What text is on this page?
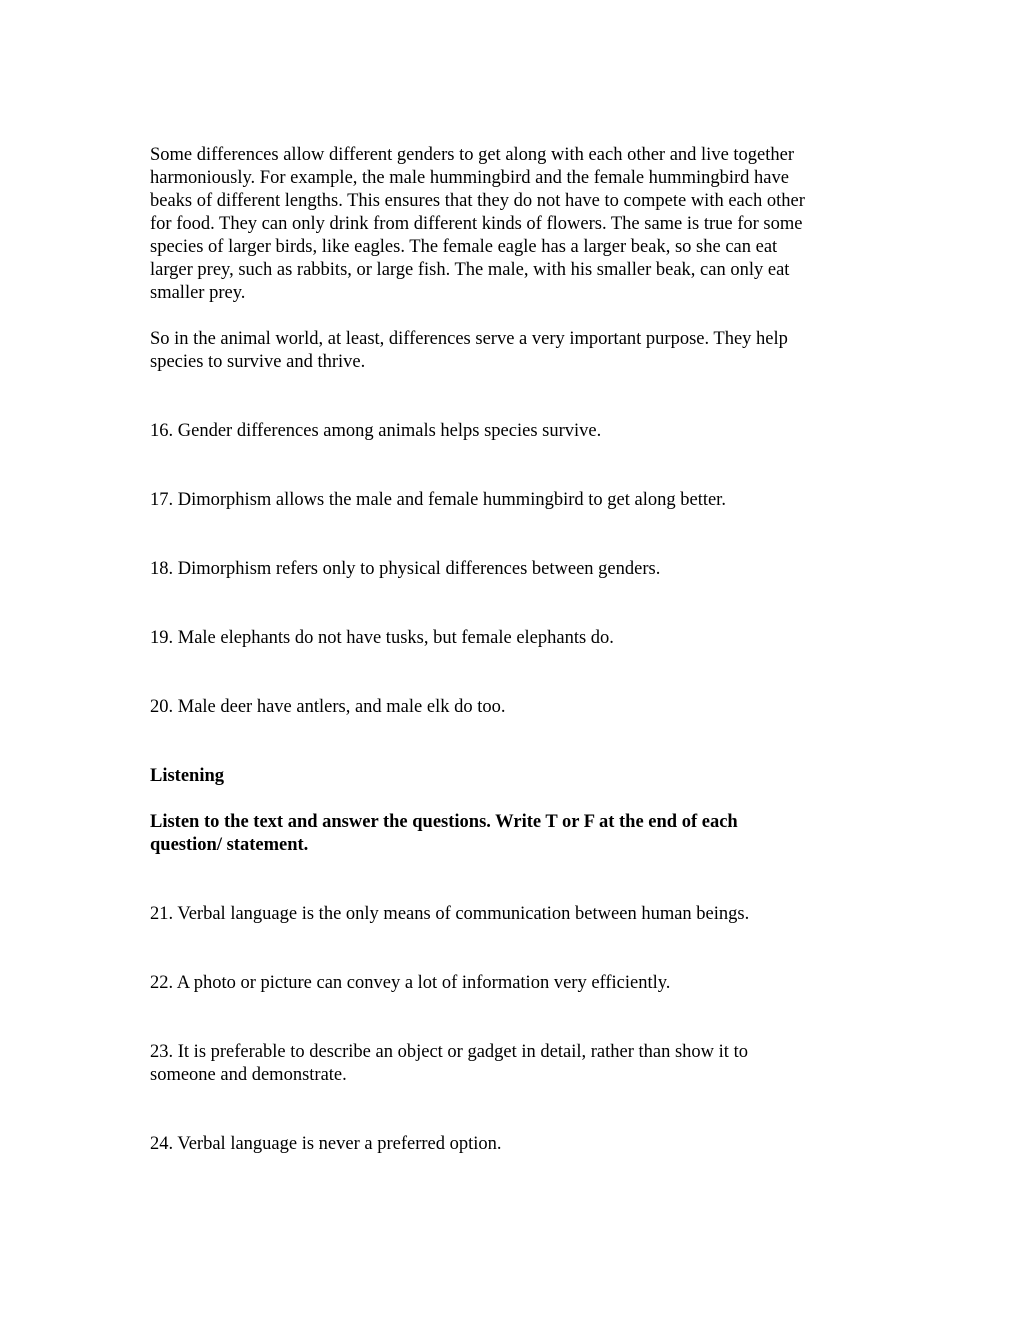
Some differences allow different genders to get along with each other and live together
harmoniously. For example, the male hummingbird and the female hummingbird have
beaks of different lengths. This ensures that they do not have to compete with each other
for food. They can only drink from different kinds of flowers. The same is true for some
species of larger birds, like eagles. The female eagle has a larger beak, so she can eat
larger prey, such as rabbits, or large fish. The male, with his smaller beak, can only eat
smaller prey.
So in the animal world, at least, differences serve a very important purpose. They help
species to survive and thrive.
16. Gender differences among animals helps species survive.
17. Dimorphism allows the male and female hummingbird to get along better.
18. Dimorphism refers only to physical differences between genders.
19. Male elephants do not have tusks, but female elephants do.
20. Male deer have antlers, and male elk do too.
Listening
Listen to the text and answer the questions. Write T or F at the end of each
question/ statement.
21. Verbal language is the only means of communication between human beings.
22. A photo or picture can convey a lot of information very efficiently.
23. It is preferable to describe an object or gadget in detail, rather than show it to
someone and demonstrate.
24. Verbal language is never a preferred option.
